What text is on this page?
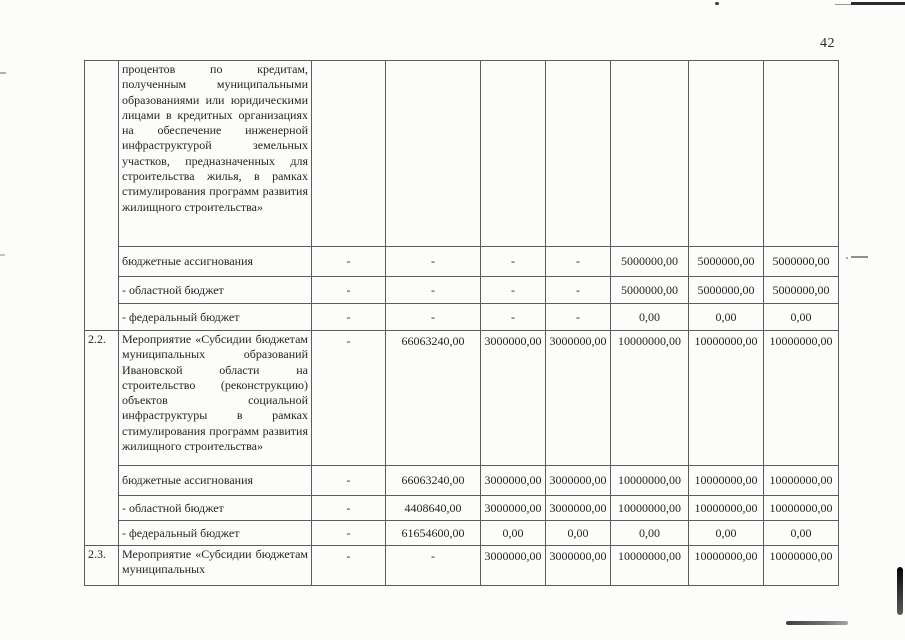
42
	процентов по кредитам, полученным муниципальными образованиями или юридическими лицами в кредитных организациях на обеспечение инженерной инфраструктурой земельных участков, предназначенных для строительства жилья, в рамках стимулирования программ развития жилищного строительства»							
	бюджетные ассигнования	-	-	-	-	5000000,00	5000000,00	5000000,00
	- областной бюджет	-	-	-	-	5000000,00	5000000,00	5000000,00
	- федеральный бюджет	-	-	-	-	0,00	0,00	0,00
2.2.	Мероприятие «Субсидии бюджетам муниципальных образований Ивановской области на строительство (реконструкцию) объектов социальной инфраструктуры в рамках стимулирования программ развития жилищного строительства»	-	66063240,00	3000000,00	3000000,00	10000000,00	10000000,00	10000000,00
	бюджетные ассигнования	-	66063240,00	3000000,00	3000000,00	10000000,00	10000000,00	10000000,00
	- областной бюджет	-	4408640,00	3000000,00	3000000,00	10000000,00	10000000,00	10000000,00
	- федеральный бюджет	-	61654600,00	0,00	0,00	0,00	0,00	0,00
2.3.	Мероприятие «Субсидии бюджетам муниципальных	-	-	3000000,00	3000000,00	10000000,00	10000000,00	10000000,00
